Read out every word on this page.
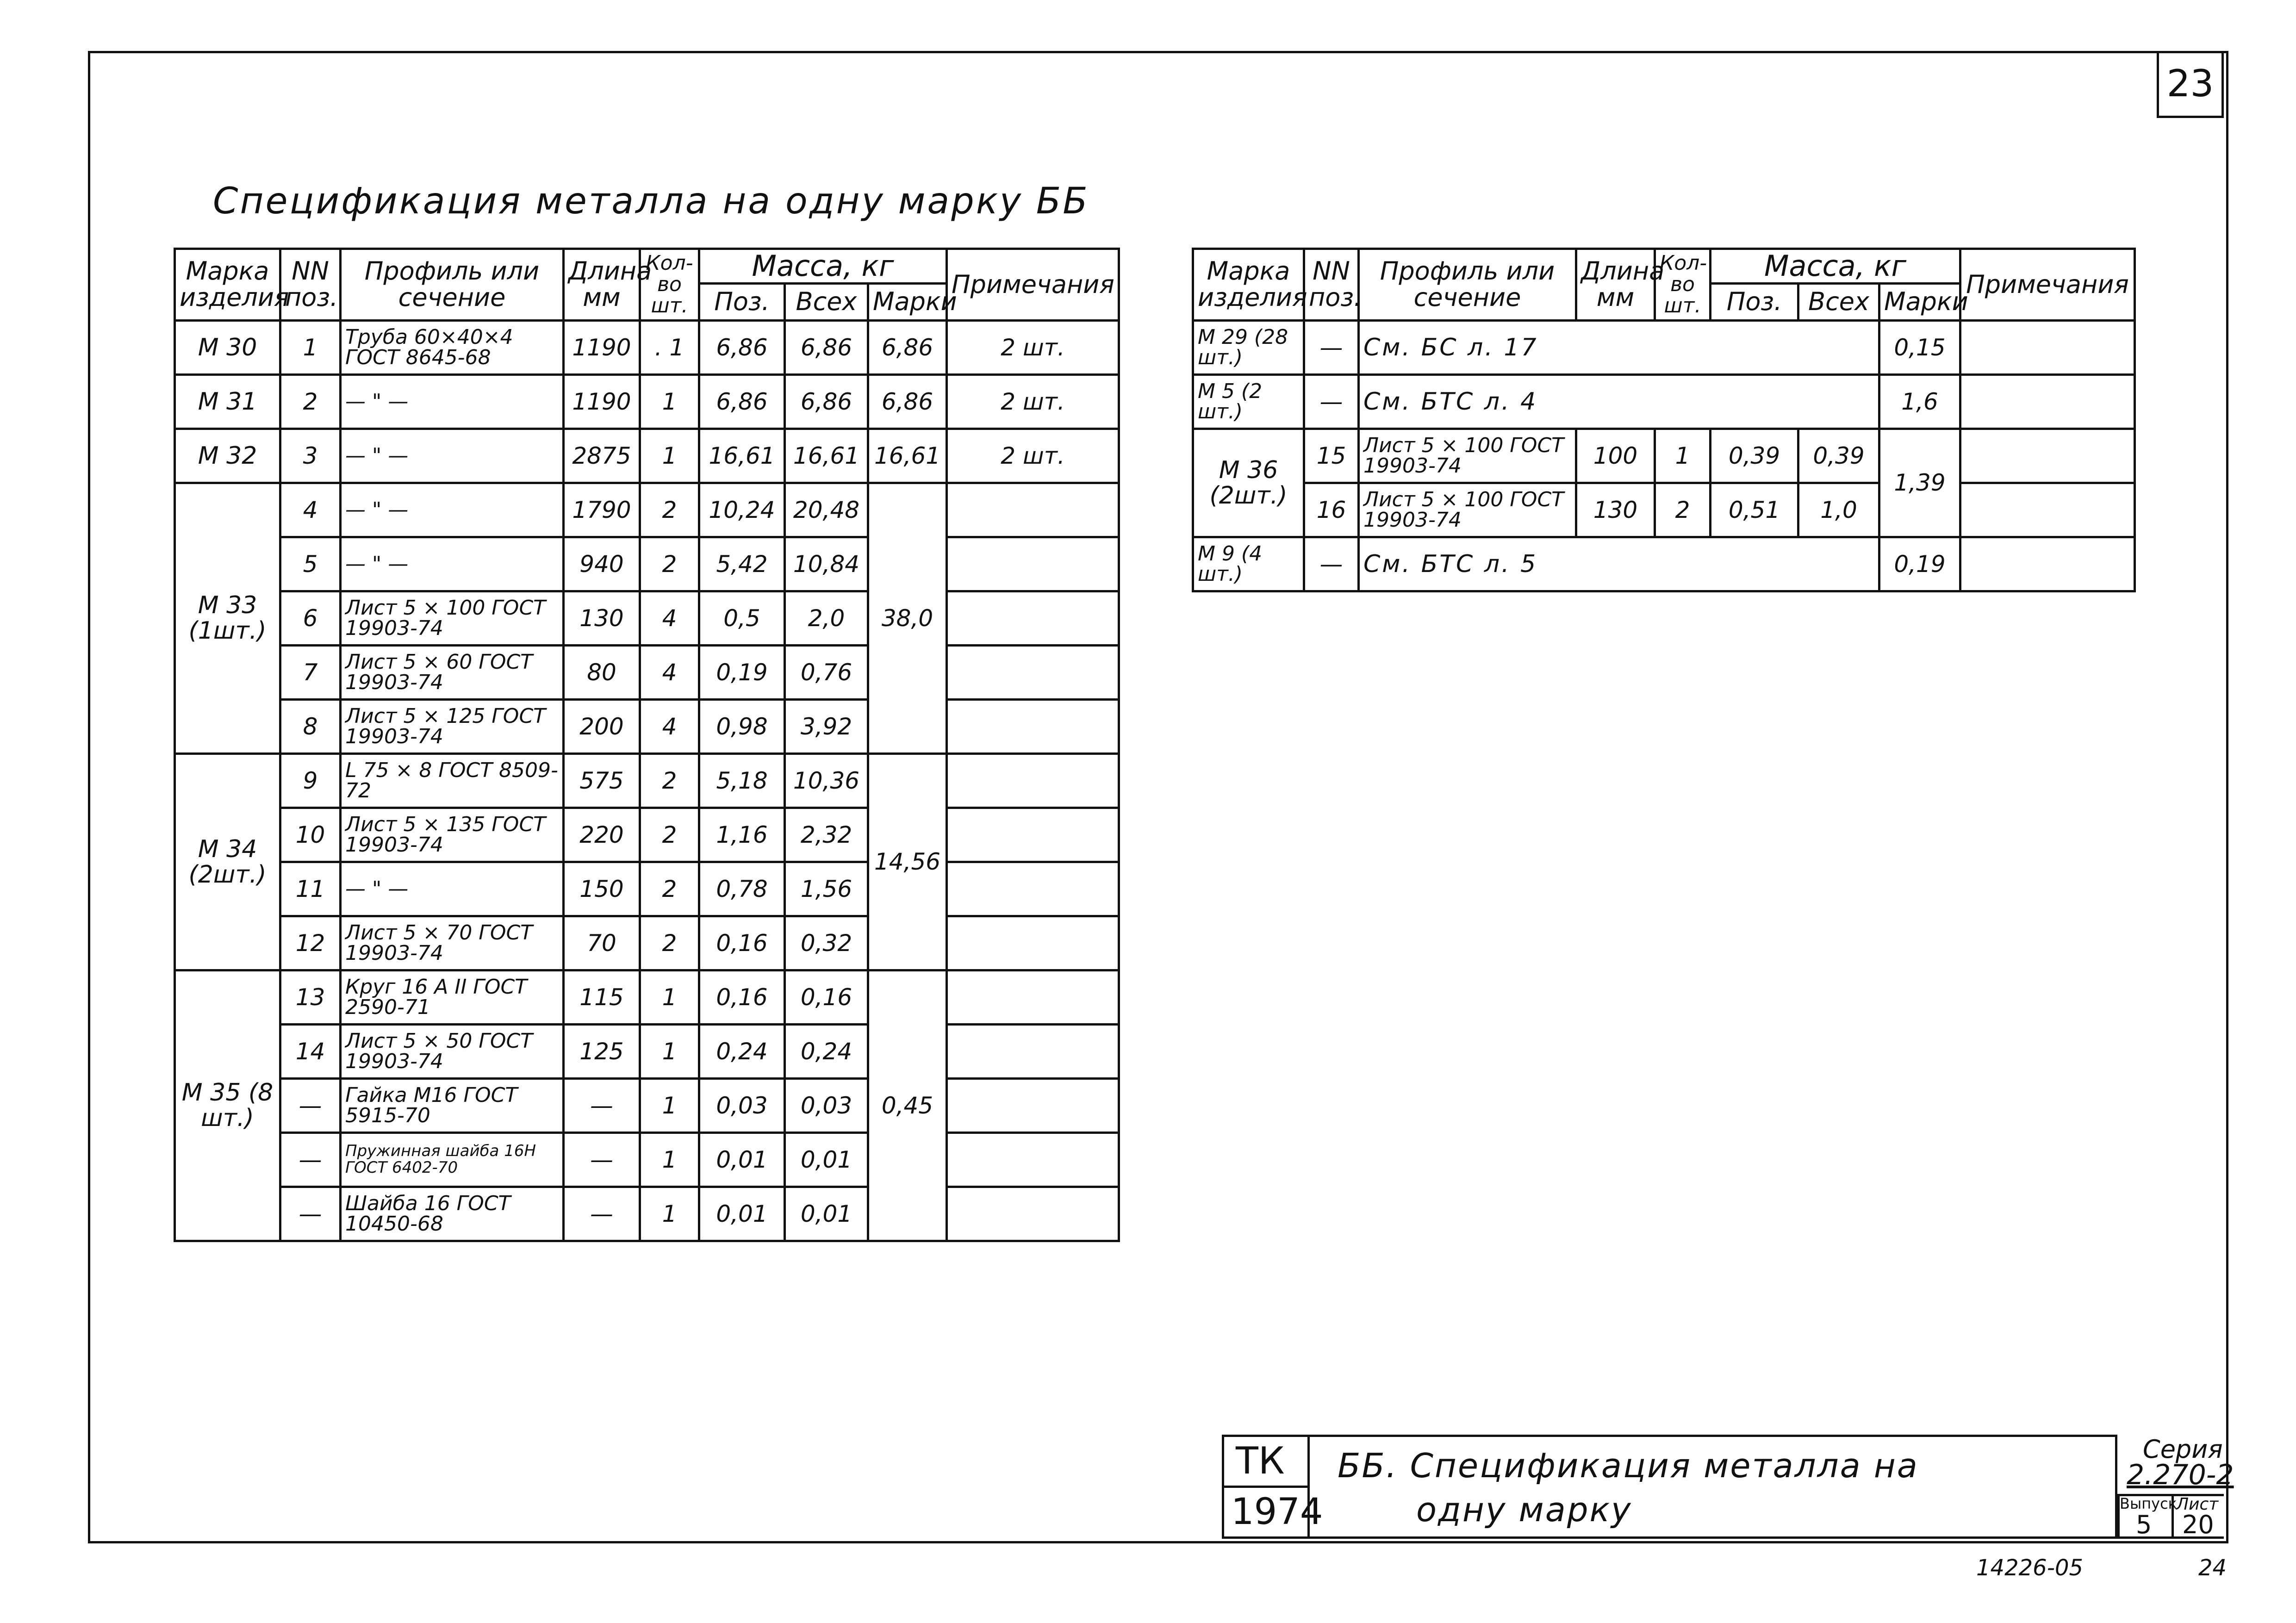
23
Спецификация металла на одну марку ББ
Марка изделия	NN поз.	Профиль или сечение	Длина мм	Кол-во шт.	Масса, кг			Примечания
					Поз.	Всех	Марки	
М 30	1	Труба 60×40×4 ГОСТ 8645-68	1190	. 1	6,86	6,86	6,86	2 шт.
М 31	2	— " —	1190	1	6,86	6,86	6,86	2 шт.
М 32	3	— " —	2875	1	16,61	16,61	16,61	2 шт.
М 33 (1шт.)	4	— " —	1790	2	10,24	20,48	38,0	
	5	— " —	940	2	5,42	10,84		
	6	Лист 5 × 100 ГОСТ 19903-74	130	4	0,5	2,0		
	7	Лист 5 × 60 ГОСТ 19903-74	80	4	0,19	0,76		
	8	Лист 5 × 125 ГОСТ 19903-74	200	4	0,98	3,92		
М 34 (2шт.)	9	L 75 × 8 ГОСТ 8509-72	575	2	5,18	10,36	14,56	
	10	Лист 5 × 135 ГОСТ 19903-74	220	2	1,16	2,32		
	11	— " —	150	2	0,78	1,56		
	12	Лист 5 × 70 ГОСТ 19903-74	70	2	0,16	0,32		
М 35 (8 шт.)	13	Круг 16 А II ГОСТ 2590-71	115	1	0,16	0,16	0,45	
	14	Лист 5 × 50 ГОСТ 19903-74	125	1	0,24	0,24		
	—	Гайка М16 ГОСТ 5915-70	—	1	0,03	0,03		
	—	Пружинная шайба 16Н ГОСТ 6402-70	—	1	0,01	0,01		
	—	Шайба 16 ГОСТ 10450-68	—	1	0,01	0,01		
Марка изделия	NN поз.	Профиль или сечение	Длина мм	Кол-во шт.	Масса, кг			Примечания
					Поз.	Всех	Марки	
М 29 (28 шт.)	—	См. БС л. 17					0,15	
М 5 (2 шт.)	—	См. БТС л. 4					1,6	
М 36 (2шт.)	15	Лист 5 × 100 ГОСТ 19903-74	100	1	0,39	0,39	1,39	
	16	Лист 5 × 100 ГОСТ 19903-74	130	2	0,51	1,0		
М 9 (4 шт.)	—	См. БТС л. 5					0,19	
ТК
1974
ББ. Спецификация металла на
одну марку
Серия
2.270-2
Выпуск
Лист
5 20
14226-05	24
